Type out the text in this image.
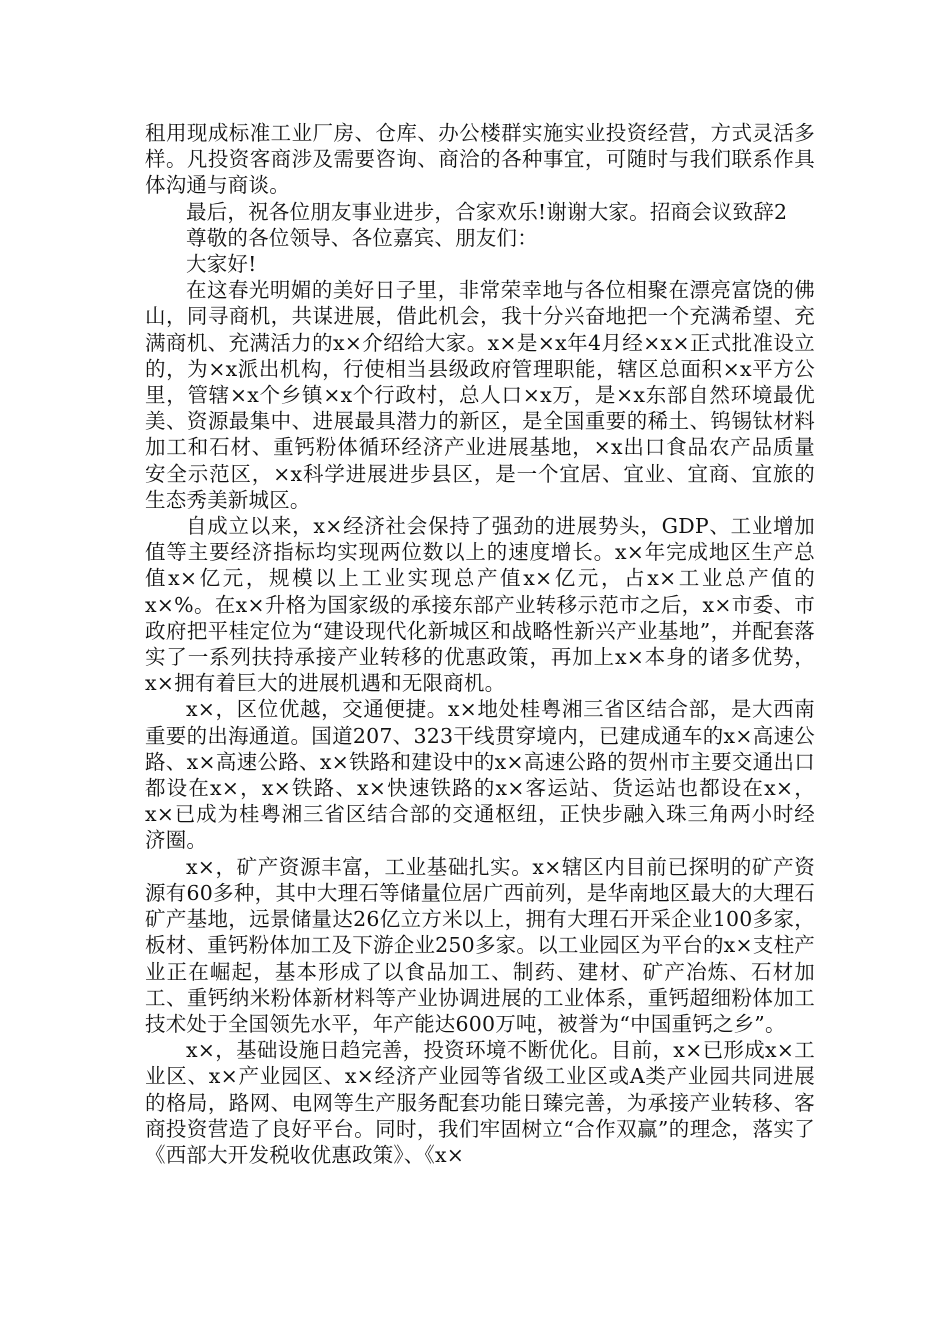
租用现成标准工业厂房、仓库、办公楼群实施实业投资经营，方式灵活多样。凡投资客商涉及需要咨询、商洽的各种事宜，可随时与我们联系作具体沟通与商谈。

最后，祝各位朋友事业进步，合家欢乐!谢谢大家。招商会议致辞2

尊敬的各位领导、各位嘉宾、朋友们：

大家好!

在这春光明媚的美好日子里，非常荣幸地与各位相聚在漂亮富饶的佛山，同寻商机，共谋进展，借此机会，我十分兴奋地把一个充满希望、充满商机、充满活力的x×介绍给大家。x×是×x年4月经×x×正式批准设立的，为×x派出机构，行使相当县级政府管理职能，辖区总面积×x平方公里，管辖×x个乡镇×x个行政村，总人口×x万，是×x东部自然环境最优美、资源最集中、进展最具潜力的新区，是全国重要的稀土、钨锡钛材料加工和石材、重钙粉体循环经济产业进展基地，×x出口食品农产品质量安全示范区，×x科学进展进步县区，是一个宜居、宜业、宜商、宜旅的生态秀美新城区。

自成立以来，x×经济社会保持了强劲的进展势头，GDP、工业增加值等主要经济指标均实现两位数以上的速度增长。x×年完成地区生产总值x×亿元，规模以上工业实现总产值x×亿元，占x×工业总产值的x×%。在x×升格为国家级的承接东部产业转移示范市之后，x×市委、市政府把平桂定位为“建设现代化新城区和战略性新兴产业基地”，并配套落实了一系列扶持承接产业转移的优惠政策，再加上x×本身的诸多优势，x×拥有着巨大的进展机遇和无限商机。

x×，区位优越，交通便捷。x×地处桂粤湘三省区结合部，是大西南重要的出海通道。国道207、323干线贯穿境内，已建成通车的x×高速公路、x×高速公路、x×铁路和建设中的x×高速公路的贺州市主要交通出口都设在x×，x×铁路、x×快速铁路的x×客运站、货运站也都设在x×，x×已成为桂粤湘三省区结合部的交通枢纽，正快步融入珠三角两小时经济圈。

x×，矿产资源丰富，工业基础扎实。x×辖区内目前已探明的矿产资源有60多种，其中大理石等储量位居广西前列，是华南地区最大的大理石矿产基地，远景储量达26亿立方米以上，拥有大理石开采企业100多家，板材、重钙粉体加工及下游企业250多家。以工业园区为平台的x×支柱产业正在崛起，基本形成了以食品加工、制药、建材、矿产冶炼、石材加工、重钙纳米粉体新材料等产业协调进展的工业体系，重钙超细粉体加工技术处于全国领先水平，年产能达600万吨，被誉为“中国重钙之乡”。

x×，基础设施日趋完善，投资环境不断优化。目前，x×已形成x×工业区、x×产业园区、x×经济产业园等省级工业区或A类产业园共同进展的格局，路网、电网等生产服务配套功能日臻完善，为承接产业转移、客商投资营造了良好平台。同时，我们牢固树立“合作双赢”的理念，落实了《西部大开发税收优惠政策》、《x×
